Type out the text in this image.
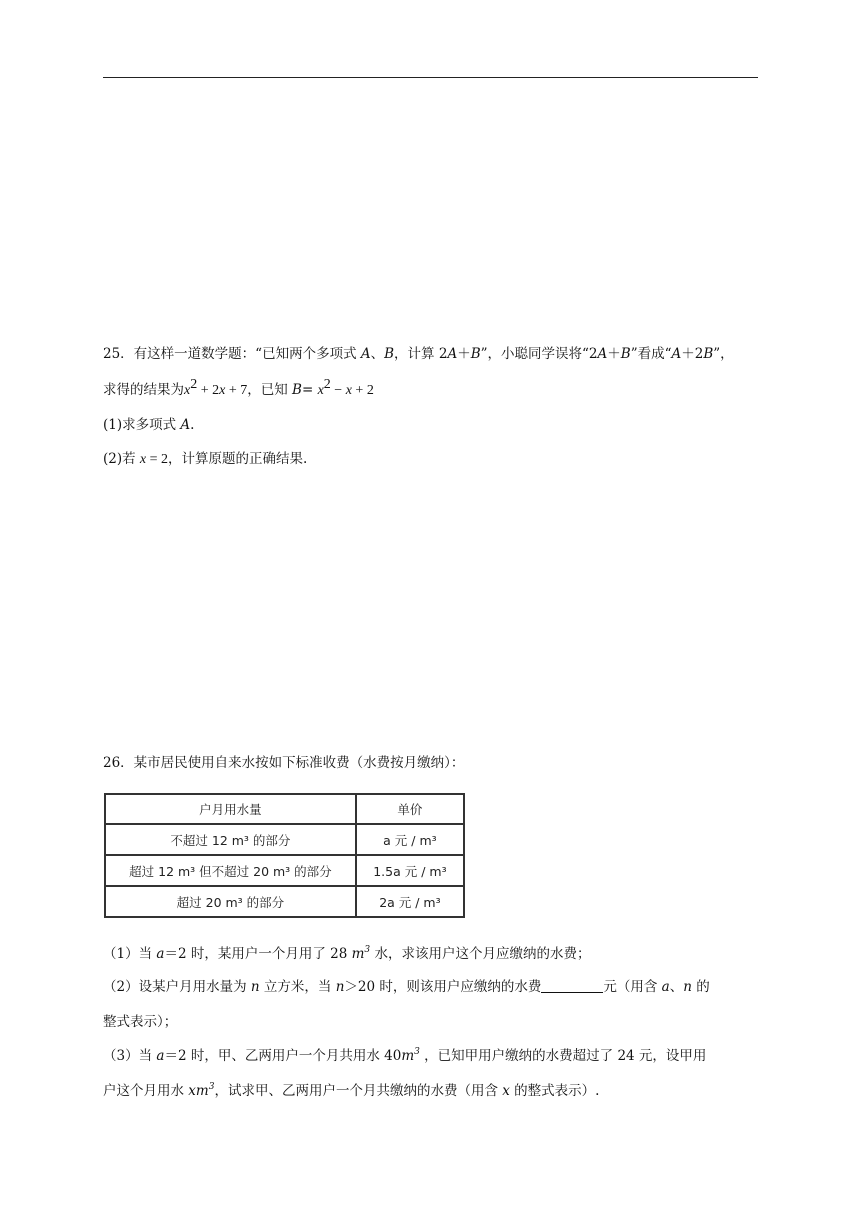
25．有这样一道数学题：“已知两个多项式 A、B，计算 2A＋B”，小聪同学误将“2A＋B”看成“A＋2B”，
求得的结果为$x^2 + 2x + 7$，已知 $B= x^2 - x + 2$
(1)求多项式 A.
(2)若 x = 2，计算原题的正确结果.
26．某市居民使用自来水按如下标准收费（水费按月缴纳）：
户月用水量	单价
不超过 12 m³ 的部分	a 元 / m³
超过 12 m³ 但不超过 20 m³ 的部分	1.5a 元 / m³
超过 20 m³ 的部分	2a 元 / m³
（1）当 a＝2 时，某用户一个月用了 28 $m^3$ 水，求该用户这个月应缴纳的水费；
（2）设某户月用水量为 n 立方米，当 n＞20 时，则该用户应缴纳的水费	元（用含 a、n 的
整式表示）；
（3）当 a＝2 时，甲、乙两用户一个月共用水 $40m^3$ ，已知甲用户缴纳的水费超过了 24 元，设甲用
户这个月用水 $xm^3$，试求甲、乙两用户一个月共缴纳的水费（用含 x 的整式表示）.
